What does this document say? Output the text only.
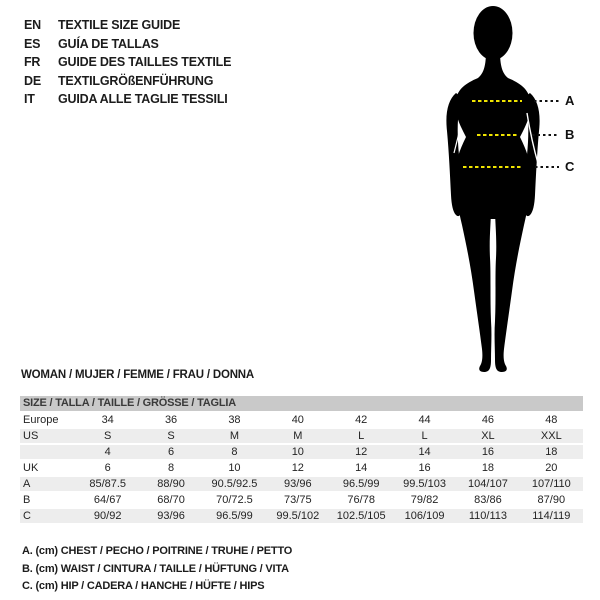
EN TEXTILE SIZE GUIDE
ES GUÍA DE TALLAS
FR GUIDE DES TAILLES TEXTILE
DE TEXTILGRÖßENFÜHRUNG
IT GUIDA ALLE TAGLIE TESSILI	A
B
C
WOMAN / MUJER / FEMME / FRAU / DONNA
SIZE / TALLA / TAILLE / GRÖSSE / TAGLIA
Europe	34	36	38	40	42	44	46	48
US	S	S	M	M	L	L	XL	XXL
	4	6	8	10	12	14	16	18
UK	6	8	10	12	14	16	18	20
A	85/87.5	88/90	90.5/92.5	93/96	96.5/99	99.5/103	104/107	107/110
B	64/67	68/70	70/72.5	73/75	76/78	79/82	83/86	87/90
C	90/92	93/96	96.5/99	99.5/102	102.5/105	106/109	110/113	114/119
A. (cm) CHEST / PECHO / POITRINE / TRUHE / PETTO
B. (cm) WAIST / CINTURA / TAILLE / HÜFTUNG / VITA
C. (cm) HIP / CADERA / HANCHE / HÜFTE / HIPS
